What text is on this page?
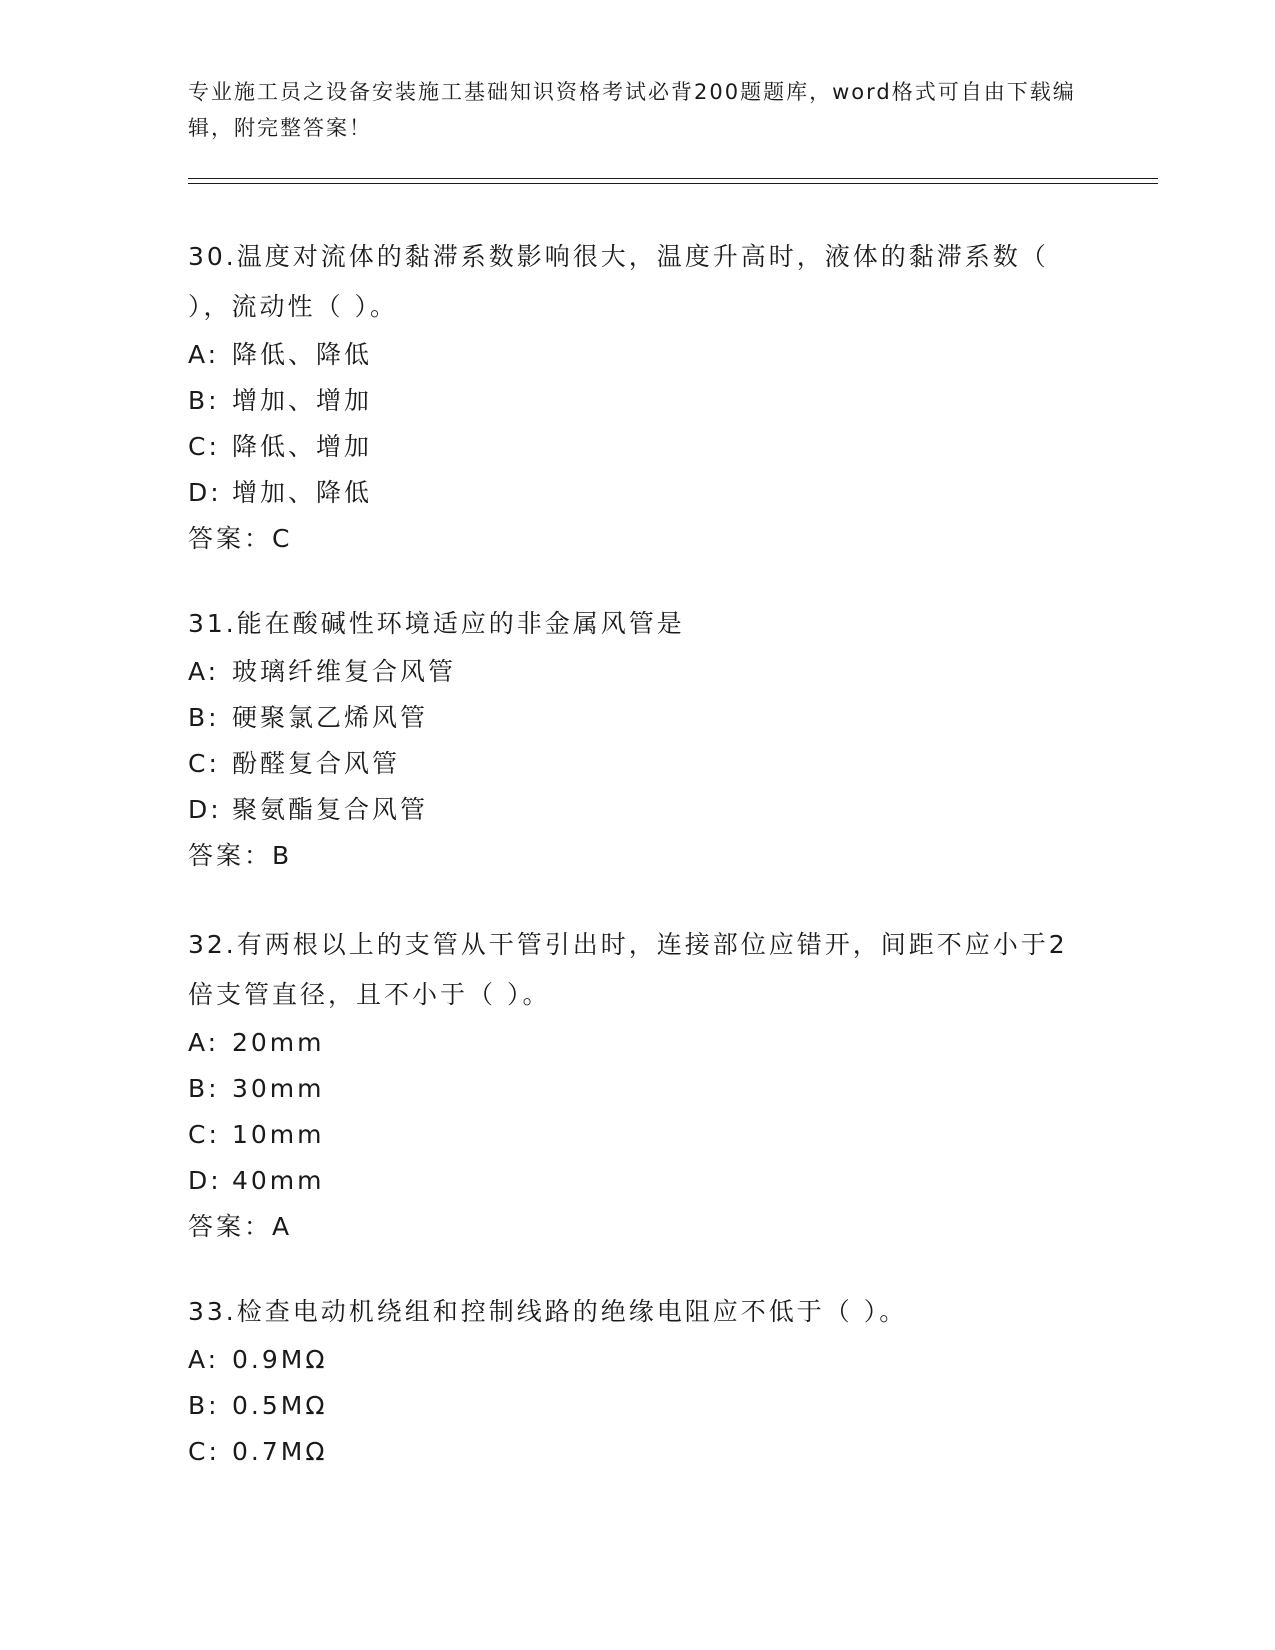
专业施工员之设备安装施工基础知识资格考试必背200题题库，word格式可自由下载编辑，附完整答案！

30.温度对流体的黏滞系数影响很大，温度升高时，液体的黏滞系数（ ），流动性（ ）。

A: 降低、降低

B: 增加、增加

C: 降低、增加

D: 增加、降低

答案：C

31.能在酸碱性环境适应的非金属风管是

A: 玻璃纤维复合风管

B: 硬聚氯乙烯风管

C: 酚醛复合风管

D: 聚氨酯复合风管

答案：B

32.有两根以上的支管从干管引出时，连接部位应错开，间距不应小于2倍支管直径，且不小于（ ）。

A: 20mm

B: 30mm

C: 10mm

D: 40mm

答案：A

33.检查电动机绕组和控制线路的绝缘电阻应不低于（ ）。

A: 0.9MΩ

B: 0.5MΩ

C: 0.7MΩ
